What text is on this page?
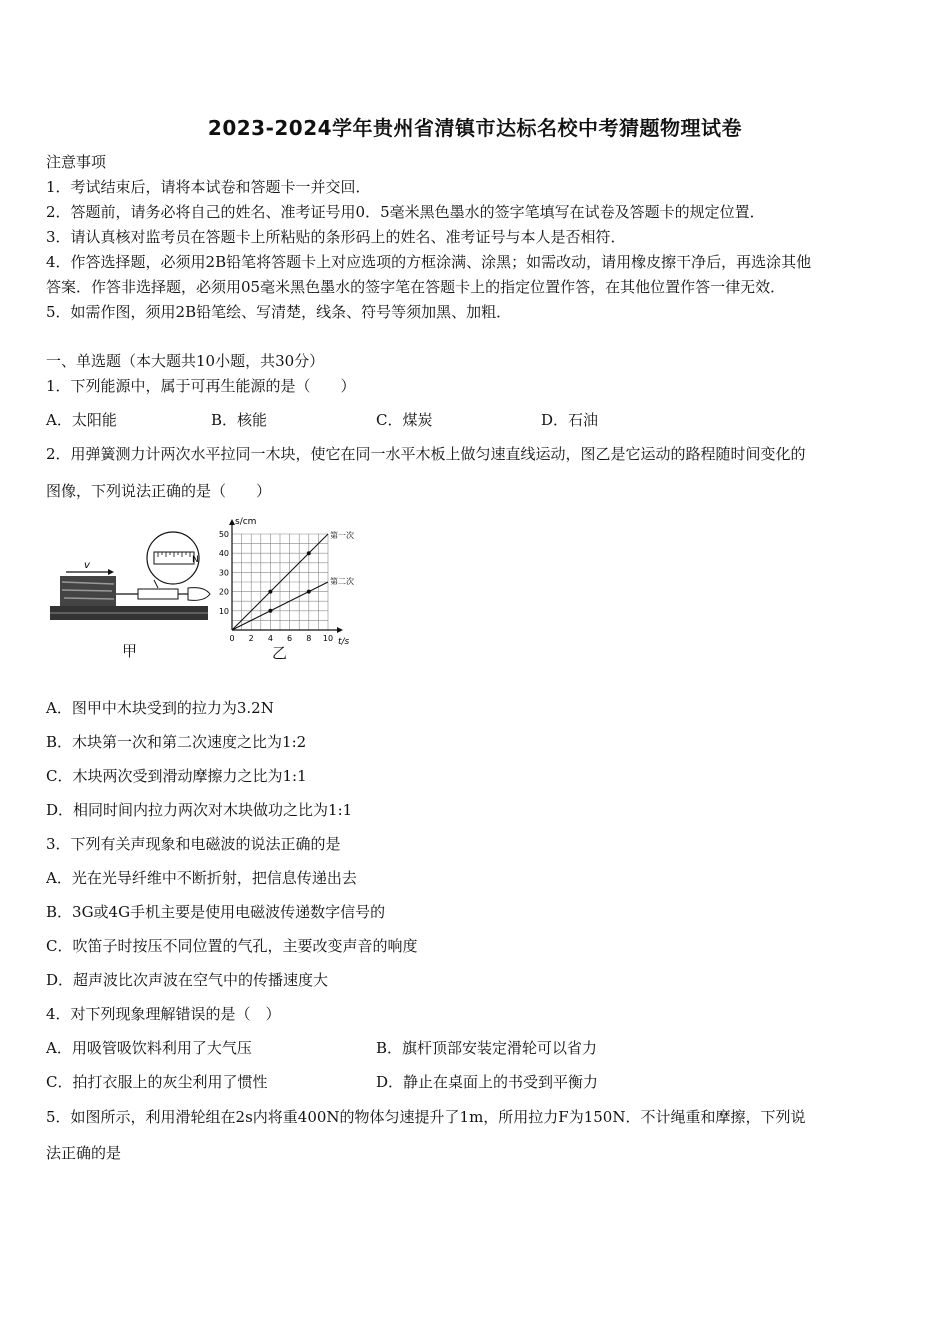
2023-2024学年贵州省清镇市达标名校中考猜题物理试卷
注意事项
1．考试结束后，请将本试卷和答题卡一并交回．
2．答题前，请务必将自己的姓名、准考证号用0．5毫米黑色墨水的签字笔填写在试卷及答题卡的规定位置．
3．请认真核对监考员在答题卡上所粘贴的条形码上的姓名、准考证号与本人是否相符．
4．作答选择题，必须用2B铅笔将答题卡上对应选项的方框涂满、涂黑；如需改动，请用橡皮擦干净后，再选涂其他
答案．作答非选择题，必须用05毫米黑色墨水的签字笔在答题卡上的指定位置作答，在其他位置作答一律无效．
5．如需作图，须用2B铅笔绘、写清楚，线条、符号等须加黑、加粗．
一、单选题（本大题共10小题，共30分）
1．下列能源中，属于可再生能源的是（　　）
A．太阳能	B．核能	C．煤炭	D．石油
2．用弹簧测力计两次水平拉同一木块，使它在同一水平木板上做匀速直线运动，图乙是它运动的路程随时间变化的
图像，下列说法正确的是（　　）
v	N
甲
s/cm
t/s
10
20
30
40
50
0 2 4 6 8 10
第一次
第二次
乙
A．图甲中木块受到的拉力为3.2N
B．木块第一次和第二次速度之比为1:2
C．木块两次受到滑动摩擦力之比为1:1
D．相同时间内拉力两次对木块做功之比为1:1
3．下列有关声现象和电磁波的说法正确的是
A．光在光导纤维中不断折射，把信息传递出去
B．3G或4G手机主要是使用电磁波传递数字信号的
C．吹笛子时按压不同位置的气孔，主要改变声音的响度
D．超声波比次声波在空气中的传播速度大
4．对下列现象理解错误的是（　）
A．用吸管吸饮料利用了大气压	B．旗杆顶部安装定滑轮可以省力
C．拍打衣服上的灰尘利用了惯性	D．静止在桌面上的书受到平衡力
5．如图所示，利用滑轮组在2s内将重400N的物体匀速提升了1m，所用拉力F为150N．不计绳重和摩擦，下列说
法正确的是
